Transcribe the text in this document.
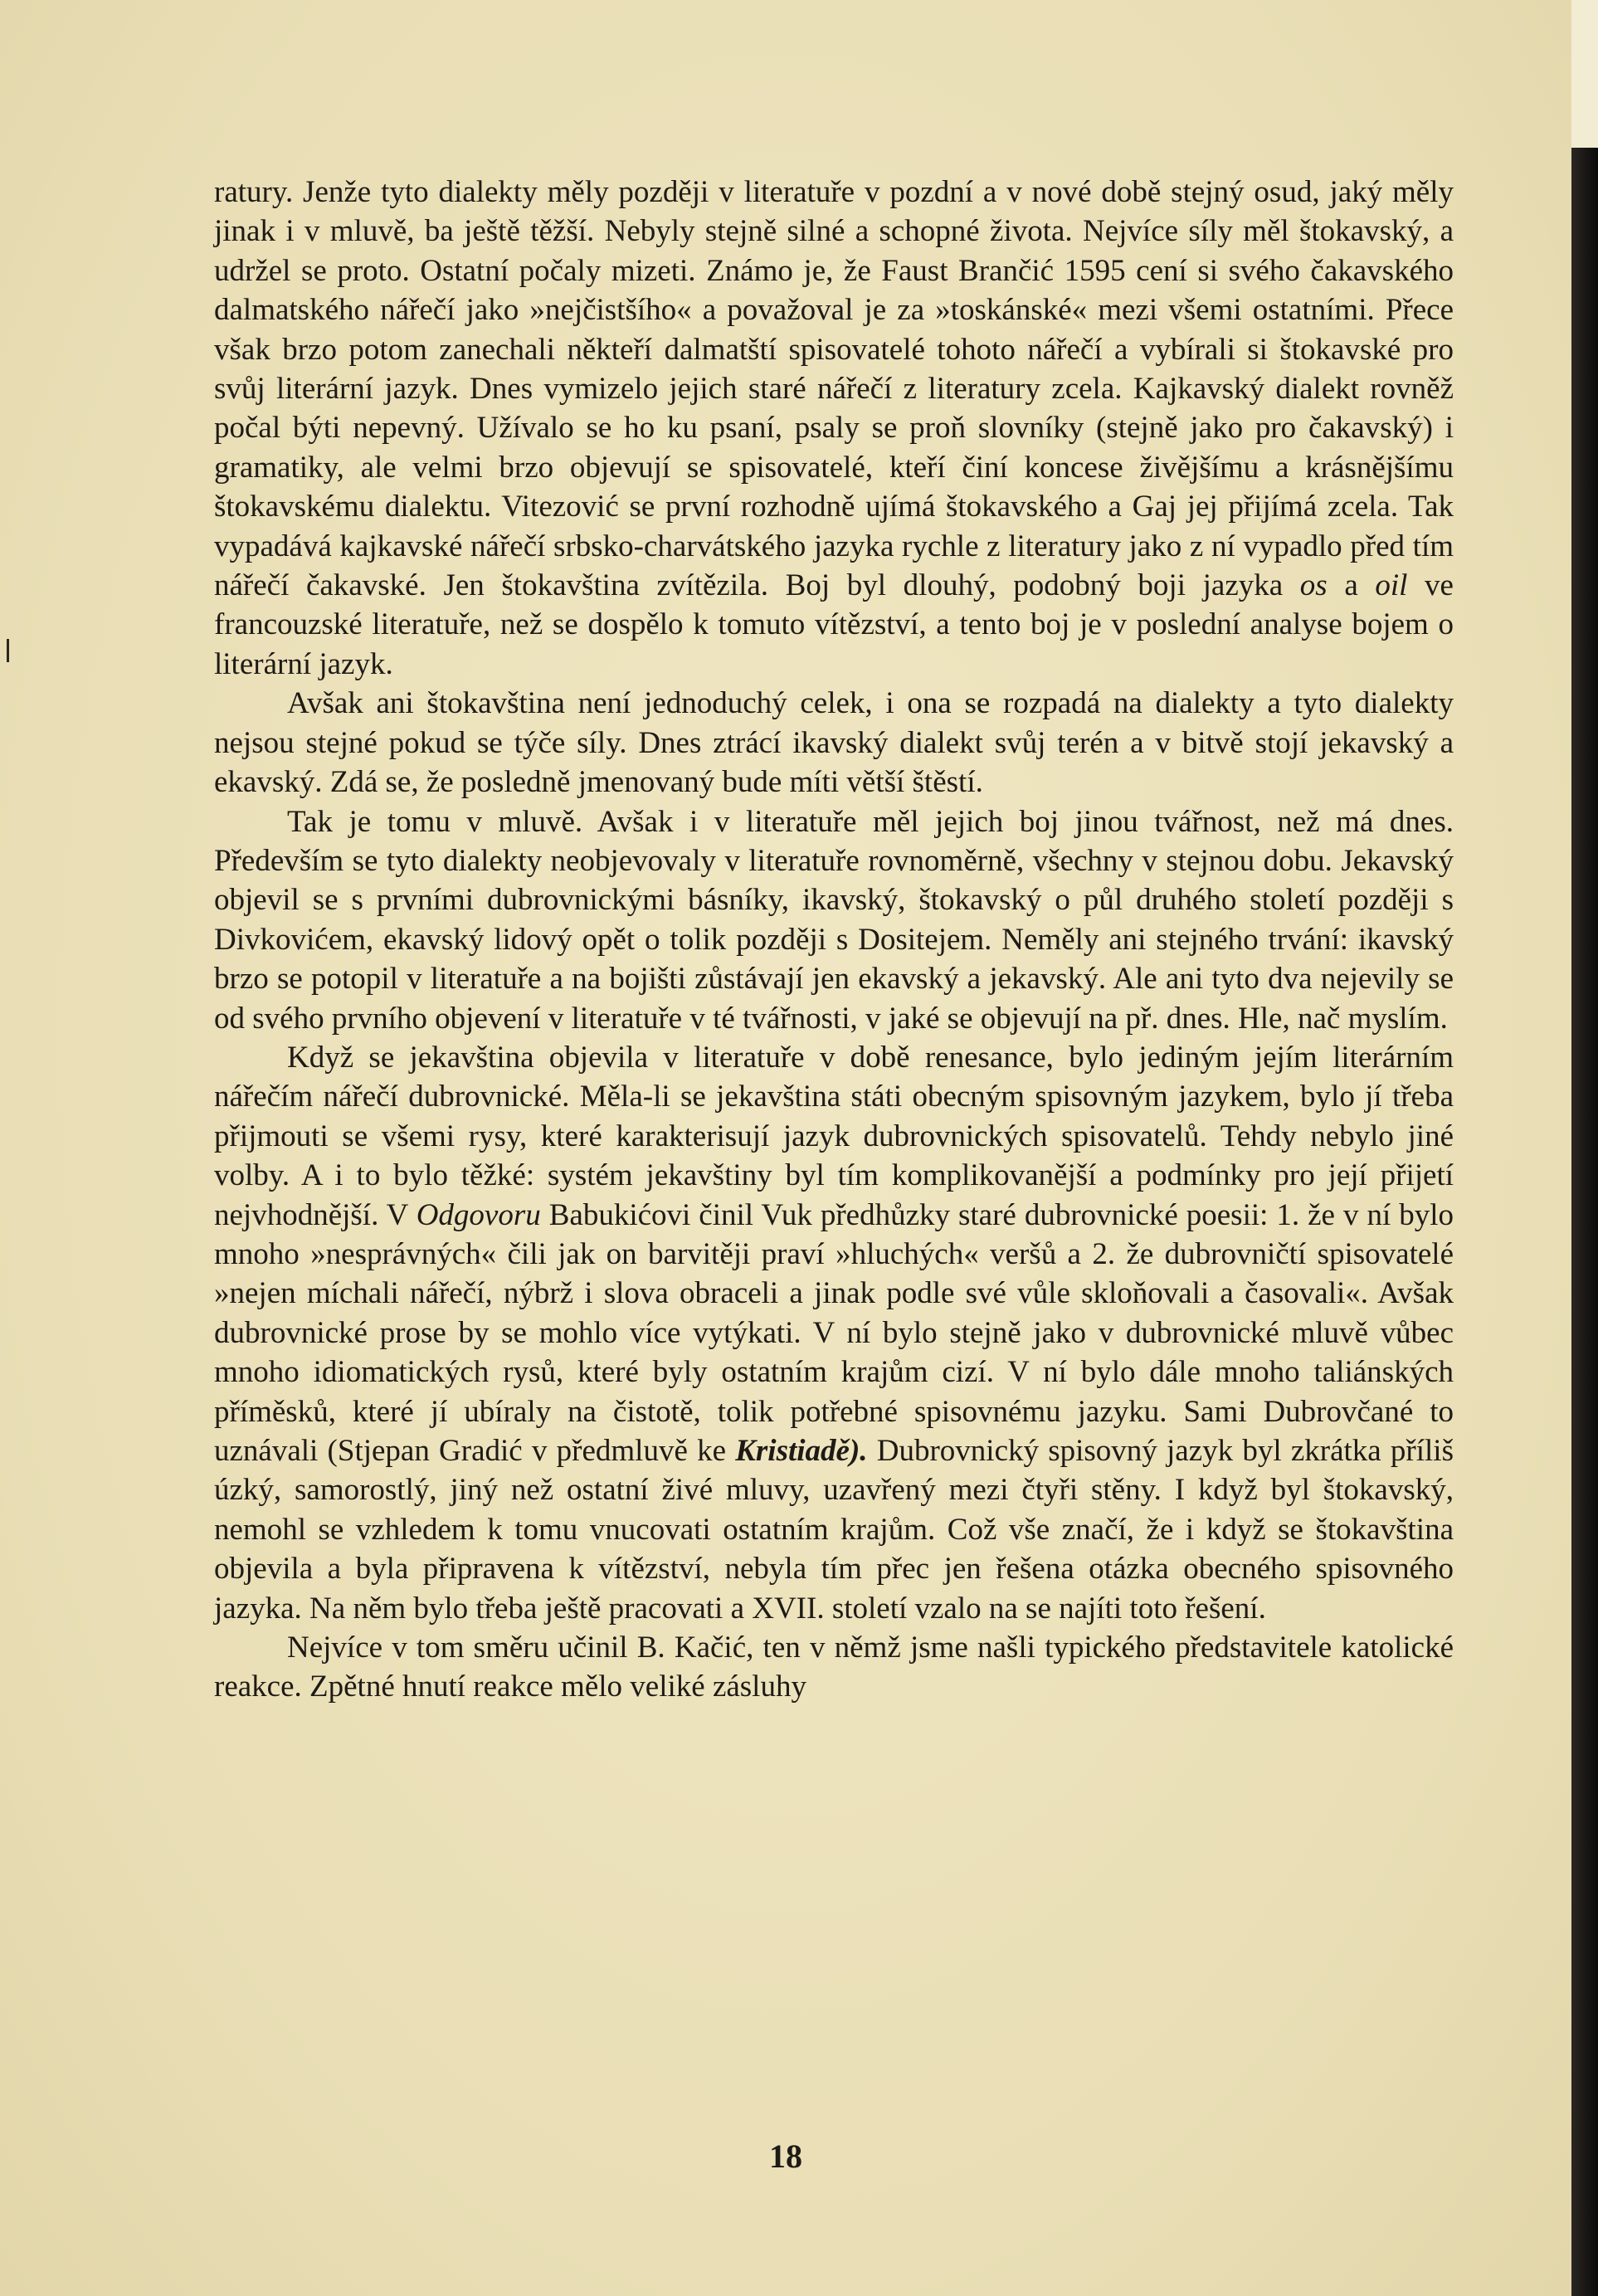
ratury. Jenže tyto dialekty měly později v literatuře v pozdní a v nové době stejný osud, jaký měly jinak i v mluvě, ba ještě těžší. Nebyly stejně silné a schopné života. Nejvíce síly měl štokavský, a udržel se proto. Ostatní počaly mizeti. Známo je, že Faust Brančić 1595 cení si svého čakavského dalmatského nářečí jako »nejčistšího« a považoval je za »toskánské« mezi všemi ostatními. Přece však brzo potom zanechali někteří dalmatští spisovatelé tohoto nářečí a vybírali si štokavské pro svůj literární jazyk. Dnes vymizelo jejich staré nářečí z literatury zcela. Kajkavský dialekt rovněž počal býti nepevný. Užívalo se ho ku psaní, psaly se proň slovníky (stejně jako pro čakavský) i gramatiky, ale velmi brzo objevují se spisovatelé, kteří činí koncese živějšímu a krásnějšímu štokavskému dialektu. Vitezović se první rozhodně ujímá štokavského a Gaj jej přijímá zcela. Tak vypadává kajkavské nářečí srbsko-charvátského jazyka rychle z literatury jako z ní vypadlo před tím nářečí čakavské. Jen štokavština zvítězila. Boj byl dlouhý, podobný boji jazyka os a oil ve francouzské literatuře, než se dospělo k tomuto vítězství, a tento boj je v poslední analyse bojem o literární jazyk.

Avšak ani štokavština není jednoduchý celek, i ona se rozpadá na dialekty a tyto dialekty nejsou stejné pokud se týče síly. Dnes ztrácí ikavský dialekt svůj terén a v bitvě stojí jekavský a ekavský. Zdá se, že posledně jmenovaný bude míti větší štěstí.

Tak je tomu v mluvě. Avšak i v literatuře měl jejich boj jinou tvářnost, než má dnes. Především se tyto dialekty neobjevovaly v literatuře rovnoměrně, všechny v stejnou dobu. Jekavský objevil se s prvními dubrovnickými básníky, ikavský, štokavský o půl druhého století později s Divkovićem, ekavský lidový opět o tolik později s Dositejem. Neměly ani stejného trvání: ikavský brzo se potopil v literatuře a na bojišti zůstávají jen ekavský a jekavský. Ale ani tyto dva nejevily se od svého prvního objevení v literatuře v té tvářnosti, v jaké se objevují na př. dnes. Hle, nač myslím.

Když se jekavština objevila v literatuře v době renesance, bylo jediným jejím literárním nářečím nářečí dubrovnické. Měla-li se jekavština státi obecným spisovným jazykem, bylo jí třeba přijmouti se všemi rysy, které karakterisují jazyk dubrovnických spisovatelů. Tehdy nebylo jiné volby. A i to bylo těžké: systém jekavštiny byl tím komplikovanější a podmínky pro její přijetí nejvhodnější. V Odgovoru Babukićovi činil Vuk předhůzky staré dubrovnické poesii: 1. že v ní bylo mnoho »nesprávných« čili jak on barvitěji praví »hluchých« veršů a 2. že dubrovničtí spisovatelé »nejen míchali nářečí, nýbrž i slova obraceli a jinak podle své vůle skloňovali a časovali«. Avšak dubrovnické prose by se mohlo více vytýkati. V ní bylo stejně jako v dubrovnické mluvě vůbec mnoho idiomatických rysů, které byly ostatním krajům cizí. V ní bylo dále mnoho taliánských příměsků, které jí ubíraly na čistotě, tolik potřebné spisovnému jazyku. Sami Dubrovčané to uznávali (Stjepan Gradić v předmluvě ke Kristiadě). Dubrovnický spisovný jazyk byl zkrátka příliš úzký, samorostlý, jiný než ostatní živé mluvy, uzavřený mezi čtyři stěny. I když byl štokavský, nemohl se vzhledem k tomu vnucovati ostatním krajům. Což vše značí, že i když se štokavština objevila a byla připravena k vítězství, nebyla tím přec jen řešena otázka obecného spisovného jazyka. Na něm bylo třeba ještě pracovati a XVII. století vzalo na se najíti toto řešení.

Nejvíce v tom směru učinil B. Kačić, ten v němž jsme našli typického představitele katolické reakce. Zpětné hnutí reakce mělo veliké zásluhy

18
